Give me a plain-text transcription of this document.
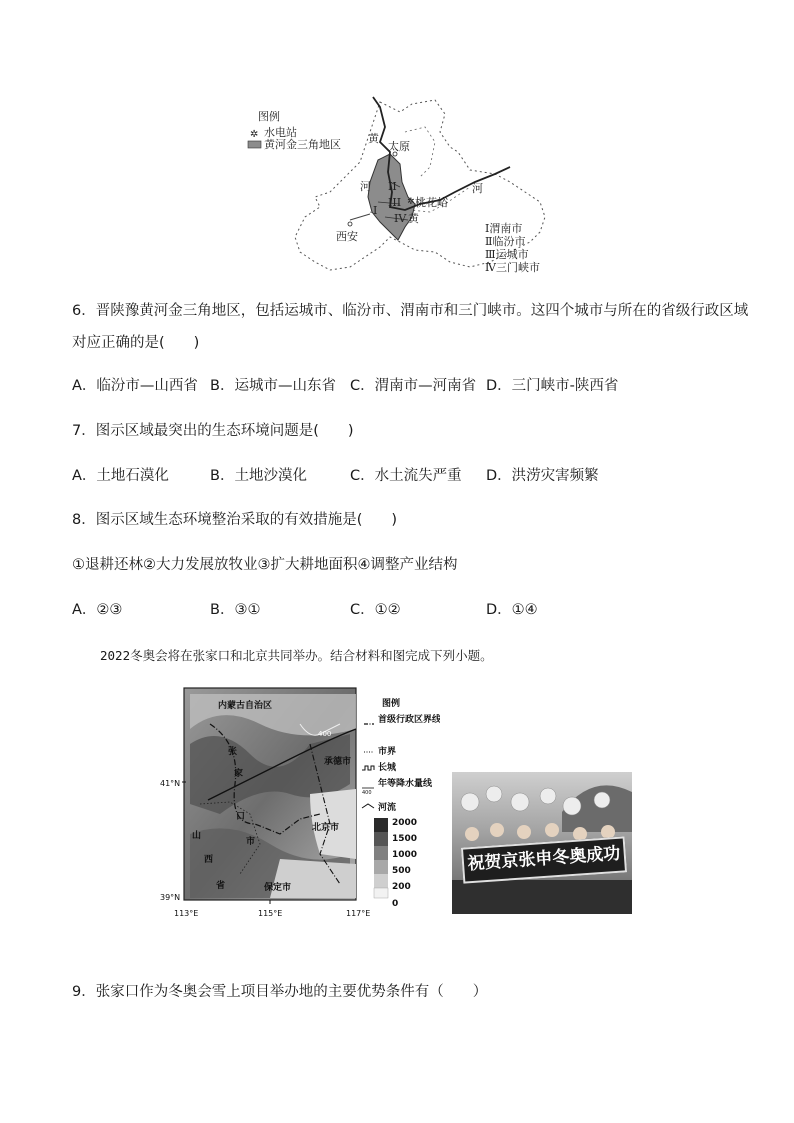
图例
✲ 水电站
黄河金三角地区 黄
太原
河 II
I
III
IV
桃花峪
✲
黄
河
西安
Ⅰ渭南市
Ⅱ临汾市
Ⅲ运城市
Ⅳ三门峡市
6．晋陕豫黄河金三角地区，包括运城市、临汾市、渭南市和三门峡市。这四个城市与所在的省级行政区域
对应正确的是(　　)
A．临汾市—山西省 B．运城市—山东省 C．渭南市—河南省 D．三门峡市-陕西省
7．图示区域最突出的生态环境问题是(　　)
A．土地石漠化	B．土地沙漠化	C．水土流失严重 D．洪涝灾害频繁
8．图示区域生态环境整治采取的有效措施是(　　)
①退耕还林②大力发展放牧业③扩大耕地面积④调整产业结构
A．②③	B．③①	C．①②	D．①④
2022冬奥会将在张家口和北京共同举办。结合材料和图完成下列小题。
400
内蒙古自治区
张
家
口
市
山
西
省
承德市
北京市
保定市
41°N
39°N
113°E	115°E	117°E
图例
首级行政区界线
市界
长城
400
年等降水量线
河流
2000
1500
1000
500
200
0
祝贺京张申冬奥成功
9．张家口作为冬奥会雪上项目举办地的主要优势条件有（　　）
